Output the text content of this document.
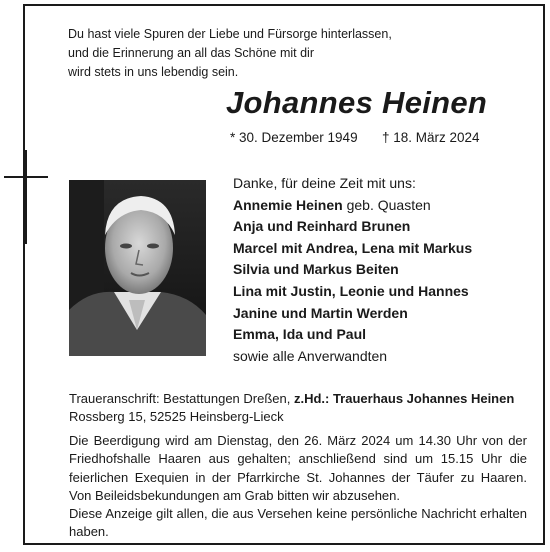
Du hast viele Spuren der Liebe und Fürsorge hinterlassen,
und die Erinnerung an all das Schöne mit dir
wird stets in uns lebendig sein.
Johannes Heinen
* 30. Dezember 1949 † 18. März 2024
Danke, für deine Zeit mit uns:
Annemie Heinen geb. Quasten
Anja und Reinhard Brunen
Marcel mit Andrea, Lena mit Markus
Silvia und Markus Beiten
Lina mit Justin, Leonie und Hannes
Janine und Martin Werden
Emma, Ida und Paul
sowie alle Anverwandten
Traueranschrift: Bestattungen Dreßen, z.Hd.: Trauerhaus Johannes Heinen
Rossberg 15, 52525 Heinsberg-Lieck
Die Beerdigung wird am Dienstag, den 26. März 2024 um 14.30 Uhr von der
Friedhofshalle Haaren aus gehalten; anschließend sind um 15.15 Uhr die
feierlichen Exequien in der Pfarrkirche St. Johannes der Täufer zu Haaren.
Von Beileidsbekundungen am Grab bitten wir abzusehen.
Diese Anzeige gilt allen, die aus Versehen keine persönliche Nachricht erhalten
haben.
